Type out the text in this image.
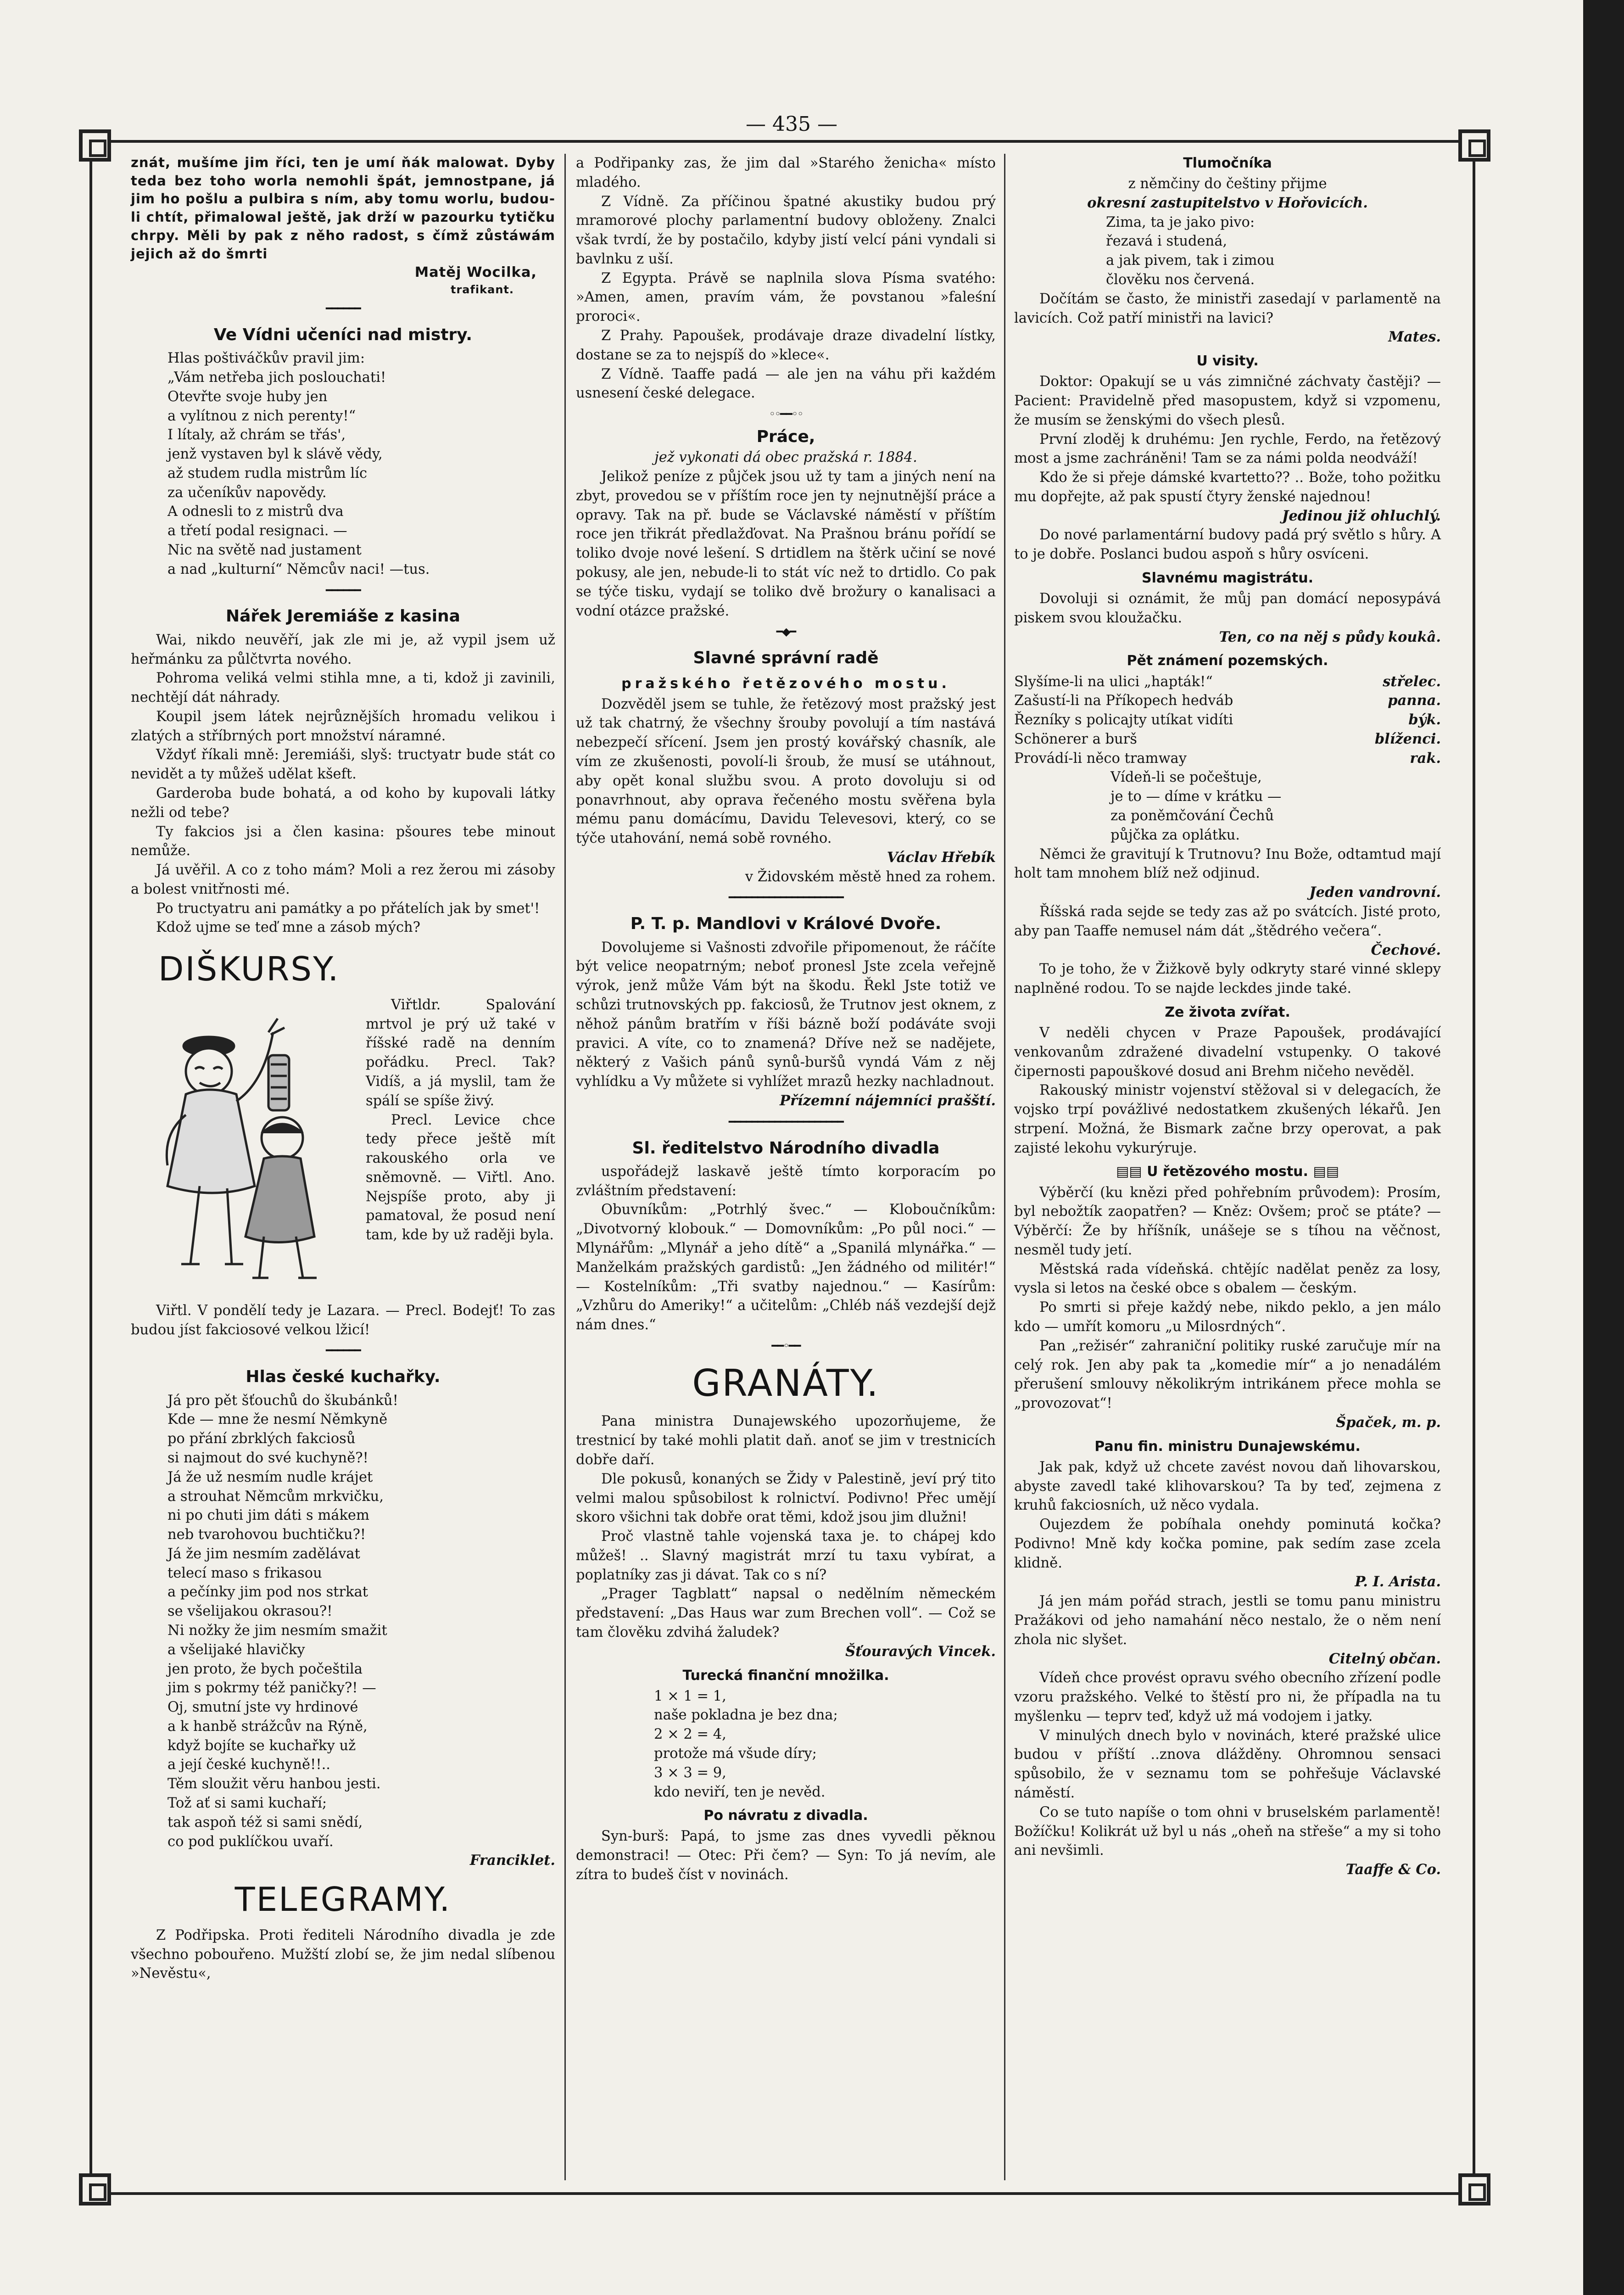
— 435 —

znát, mušíme jim říci, ten je umí ňák malowat. Dyby teda bez toho worla nemohli špát, jemnostpane, já jim ho pošlu a pulbira s ním, aby tomu worlu, budou-li chtít, přimalowal ještě, jak drží w pazourku tytičku chrpy. Měli by pak z něho radost, s čímž zůstáwám jejich až do šmrti

Matěj Wocilka,

trafikant.

━━━━━━
Ve Vídni učeníci nad mistry.

Hlas poštiváčkův pravil jim:

„Vám netřeba jich poslouchati!

Otevřte svoje huby jen

a vylítnou z nich perenty!“

I lítaly, až chrám se třás',

jenž vystaven byl k slávě vědy,

až studem rudla mistrům líc

za učeníkův napovědy.

A odnesli to z mistrů dva

a třetí podal resignaci. —

Nic na světě nad justament

a nad „kulturní“ Němcův naci! —tus.

━━━━━━
Nářek Jeremiáše z kasina

Wai, nikdo neuvěří, jak zle mi je, až vypil jsem už heřmánku za půlčtvrta nového.

Pohroma veliká velmi stihla mne, a ti, kdož ji zavinili, nechtějí dát náhrady.

Koupil jsem látek nejrůznějších hromadu velikou i zlatých a stříbrných port množství náramné.

Vždyť říkali mně: Jeremiáši, slyš: tructyatr bude stát co nevidět a ty můžeš udělat kšeft.

Garderoba bude bohatá, a od koho by kupovali látky nežli od tebe?

Ty fakcios jsi a člen kasina: pšoures tebe minout nemůže.

Já uvěřil. A co z toho mám? Moli a rez žerou mi zásoby a bolest vnitřnosti mé.

Po tructyatru ani památky a po přátelích jak by smet'!

Kdož ujme se teď mne a zásob mých?

DIŠKURSY.

Viřtldr. Spalování mrtvol je prý už také v říšské radě na denním pořádku. Precl. Tak? Vidíš, a já myslil, tam že spálí se spíše živý.

Precl. Levice chce tedy přece ještě mít rakouského orla ve sněmovně. — Viřtl. Ano. Nejspíše proto, aby ji pamatoval, že posud není tam, kde by už raději byla.

Viřtl. V pondělí tedy je Lazara. — Precl. Bodejť! To zas budou jíst fakciosové velkou lžicí!

━━━━━━
Hlas české kuchařky.

Já pro pět šťouchů do škubánků!

Kde — mne že nesmí Němkyně

po přání zbrklých fakciosů

si najmout do své kuchyně?!

Já že už nesmím nudle krájet

a strouhat Němcům mrkvičku,

ni po chuti jim dáti s mákem

neb tvarohovou buchtičku?!

Já že jim nesmím zadělávat

telecí maso s frikasou

a pečínky jim pod nos strkat

se všelijakou okrasou?!

Ni nožky že jim nesmím smažit

a všelijaké hlavičky

jen proto, že bych počeštila

jim s pokrmy též paničky?! —

Oj, smutní jste vy hrdinové

a k hanbě strážcův na Rýně,

když bojíte se kuchařky už

a její české kuchyně!!..

Těm sloužit věru hanbou jesti.

Tož ať si sami kuchaří;

tak aspoň též si sami snědí,

co pod puklíčkou uvaří.

Franciklet.

TELEGRAMY.

Z Podřipska. Proti řediteli Národního divadla je zde všechno pobouřeno. Mužští zlobí se, že jim nedal slíbenou »Nevěstu«,

a Podřipanky zas, že jim dal »Starého ženicha« místo mladého.

Z Vídně. Za příčinou špatné akustiky budou prý mramorové plochy parlamentní budovy obloženy. Znalci však tvrdí, že by postačilo, kdyby jistí velcí páni vyndali si bavlnku z uší.

Z Egypta. Právě se naplnila slova Písma svatého: »Amen, amen, pravím vám, že povstanou »faleśní proroci«.

Z Prahy. Papoušek, prodávaje draze divadelní lístky, dostane se za to nejspíš do »klece«.

Z Vídně. Taaffe padá — ale jen na váhu při každém usnesení české delegace.

◦◦━━◦◦
Práce,

jež vykonati dá obec pražská r. 1884.

Jelikož peníze z půjček jsou už ty tam a jiných není na zbyt, provedou se v příštím roce jen ty nejnutnější práce a opravy. Tak na př. bude se Václavské náměstí v příštím roce jen třikrát předlažďovat. Na Prašnou bránu pořídí se toliko dvoje nové lešení. S drtidlem na štěrk učiní se nové pokusy, ale jen, nebude-li to stát víc než to drtidlo. Co pak se týče tisku, vydají se toliko dvě brožury o kanalisaci a vodní otázce pražské.

━◆━
Slavné správní radě
pražského řetězového mostu.

Dozvěděl jsem se tuhle, že řetězový most pražský jest už tak chatrný, že všechny šrouby povolují a tím nastává nebezpečí sřícení. Jsem jen prostý kovářský chasník, ale vím ze zkušenosti, povolí-li šroub, že musí se utáhnout, aby opět konal službu svou. A proto dovoluju si od ponavrhnout, aby oprava řečeného mostu svěřena byla mému panu domácímu, Davidu Televesovi, který, co se týče utahování, nemá sobě rovného.

Václav Hřebík

v Židovském městě hned za rohem.

━━━━━━━━━━━━━━━━━━━━
P. T. p. Mandlovi v Králové Dvoře.

Dovolujeme si Vašnosti zdvořile připomenout, že ráčíte být velice neopatrným; neboť pronesl Jste zcela veřejně výrok, jenž může Vám být na škodu. Řekl Jste totiž ve schůzi trutnovských pp. fakciosů, že Trutnov jest oknem, z něhož pánům bratřím v říši bázně boží podáváte svoji pravici. A víte, co to znamená? Dříve než se nadějete, některý z Vašich pánů synů-buršů vyndá Vám z něj vyhlídku a Vy můžete si vyhlížet mrazů hezky nachladnout.

Přízemní nájemníci prašští.

━━━━━━━━━━━━━━━━━━━━
Sl. ředitelstvo Národního divadla

uspořádejž laskavě ještě tímto korporacím po zvláštním představení:

Obuvníkům: „Potrhlý švec.“ — Kloboučníkům: „Divotvorný klobouk.“ — Domovníkům: „Po půl noci.“ — Mlynářům: „Mlynář a jeho dítě“ a „Spanilá mlynářka.“ — Manželkám pražských gardistů: „Jen žádného od militér!“ — Kostelníkům: „Tři svatby najednou.“ — Kasírům: „Vzhůru do Ameriky!“ a učitelům: „Chléb náš vezdejší dejž nám dnes.“

━━◦━━
GRANÁTY.

Pana ministra Dunajewského upozorňujeme, že trestnicí by také mohli platit daň. anoť se jim v trestnicích dobře daří.

Dle pokusů, konaných se Židy v Palestině, jeví prý tito velmi malou spůsobilost k rolnictví. Podivno! Přec umějí skoro všichni tak dobře orat těmi, kdož jsou jim dlužni!

Proč vlastně tahle vojenská taxa je. to chápej kdo můžeš! .. Slavný magistrát mrzí tu taxu vybírat, a poplatníky zas ji dávat. Tak co s ní?

„Prager Tagblatt“ napsal o nedělním německém představení: „Das Haus war zum Brechen voll“. — Což se tam člověku zdvihá žaludek?

Šťouravých Vincek.

Turecká finanční množilka.

1 × 1 = 1,

naše pokladna je bez dna;

2 × 2 = 4,

protože má všude díry;

3 × 3 = 9,

kdo neviří, ten je nevěd.

Po návratu z divadla.

Syn-burš: Papá, to jsme zas dnes vyvedli pěknou demonstraci! — Otec: Při čem? — Syn: To já nevím, ale zítra to budeš číst v novinách.

Tlumočníka

z němčiny do češtiny přijme

okresní zastupitelstvo v Hořovicích.

Zima, ta je jako pivo:

řezavá i studená,

a jak pivem, tak i zimou

člověku nos červená.

Dočítám se často, že ministři zasedají v parlamentě na lavicích. Což patří ministři na lavici?

Mates.

U visity.

Doktor: Opakují se u vás zimničné záchvaty častěji? — Pacient: Pravidelně před masopustem, když si vzpomenu, že musím se ženskými do všech plesů.

První zloděj k druhému: Jen rychle, Ferdo, na řetězový most a jsme zachráněni! Tam se za námi polda neodváží!

Kdo že si přeje dámské kvartetto?? .. Bože, toho požitku mu dopřejte, až pak spustí čtyry ženské najednou!

Jedinou již ohluchlý.

Do nové parlamentární budovy padá prý světlo s hůry. A to je dobře. Poslanci budou aspoň s hůry osvíceni.

Slavnému magistrátu.

Dovoluji si oznámit, že můj pan domácí neposypává piskem svou kloužačku.

Ten, co na něj s půdy koukâ.

Pět známení pozemských.
Slyšíme-li na ulici „hapták!“	střelec.
Zašustí-li na Příkopech hedváb	panna.
Řezníky s policajty utíkat vidíti	býk.
Schönerer a burš	blíženci.
Provádí-li něco tramway	rak.

Vídeň-li se počeštuje,

je to — díme v krátku —

za poněmčování Čechů

půjčka za oplátku.

Němci že gravitují k Trutnovu? Inu Bože, odtamtud mají holt tam mnohem blíž než odjinud.

Jeden vandrovní.

Říšská rada sejde se tedy zas až po svátcích. Jisté proto, aby pan Taaffe nemusel nám dát „štědrého večera“.

Čechové.

To je toho, že v Žižkově byly odkryty staré vinné sklepy naplněné rodou. To se najde leckdes jinde také.

Ze života zvířat.

V neděli chycen v Praze Papoušek, prodávající venkovanům zdražené divadelní vstupenky. O takové čipernosti papouškové dosud ani Brehm ničeho nevěděl.

Rakouský ministr vojenství stěžoval si v delegacích, že vojsko trpí povážlivé nedostatkem zkušených lékařů. Jen strpení. Možná, že Bismark začne brzy operovat, a pak zajisté lekohu vykurýruje.

▤▤ U řetězového mostu. ▤▤

Výběrčí (ku knězi před pohřebním průvodem): Prosím, byl nebožtík zaopatřen? — Kněz: Ovšem; proč se ptáte? — Výběrčí: Že by hříšník, unášeje se s tíhou na věčnost, nesměl tudy jetí.

Městská rada vídeňská. chtějíc nadělat peněz za losy, vysla si letos na české obce s obalem — českým.

Po smrti si přeje každý nebe, nikdo peklo, a jen málo kdo — umřít komoru „u Milosrdných“.

Pan „režisér“ zahraniční politiky ruské zaručuje mír na celý rok. Jen aby pak ta „komedie mír“ a jo nenadálém přerušení smlouvy několikrým intrikánem přece mohla se „provozovat“!

Špaček, m. p.

Panu fin. ministru Dunajewskému.

Jak pak, když už chcete zavést novou daň lihovarskou, abyste zavedl také klihovarskou? Ta by teď, zejmena z kruhů fakciosních, už něco vydala.

Oujezdem že pobíhala onehdy pominutá kočka? Podivno! Mně kdy kočka pomine, pak sedím zase zcela klidně.

P. I. Arista.

Já jen mám pořád strach, jestli se tomu panu ministru Pražákovi od jeho namahání něco nestalo, že o něm není zhola nic slyšet.

Citelný občan.

Vídeň chce provést opravu svého obecního zřízení podle vzoru pražského. Velké to štěstí pro ni, že případla na tu myšlenku — teprv teď, když už má vodojem i jatky.

V minulých dnech bylo v novinách, které pražské ulice budou v příští ..znova dlážděny. Ohromnou sensaci spůsobilo, že v seznamu tom se pohřešuje Václavské náměstí.

Co se tuto napíše o tom ohni v bruselském parlamentě! Božíčku! Kolikrát už byl u nás „oheň na střeše“ a my si toho ani nevšimli.

Taaffe & Co.
